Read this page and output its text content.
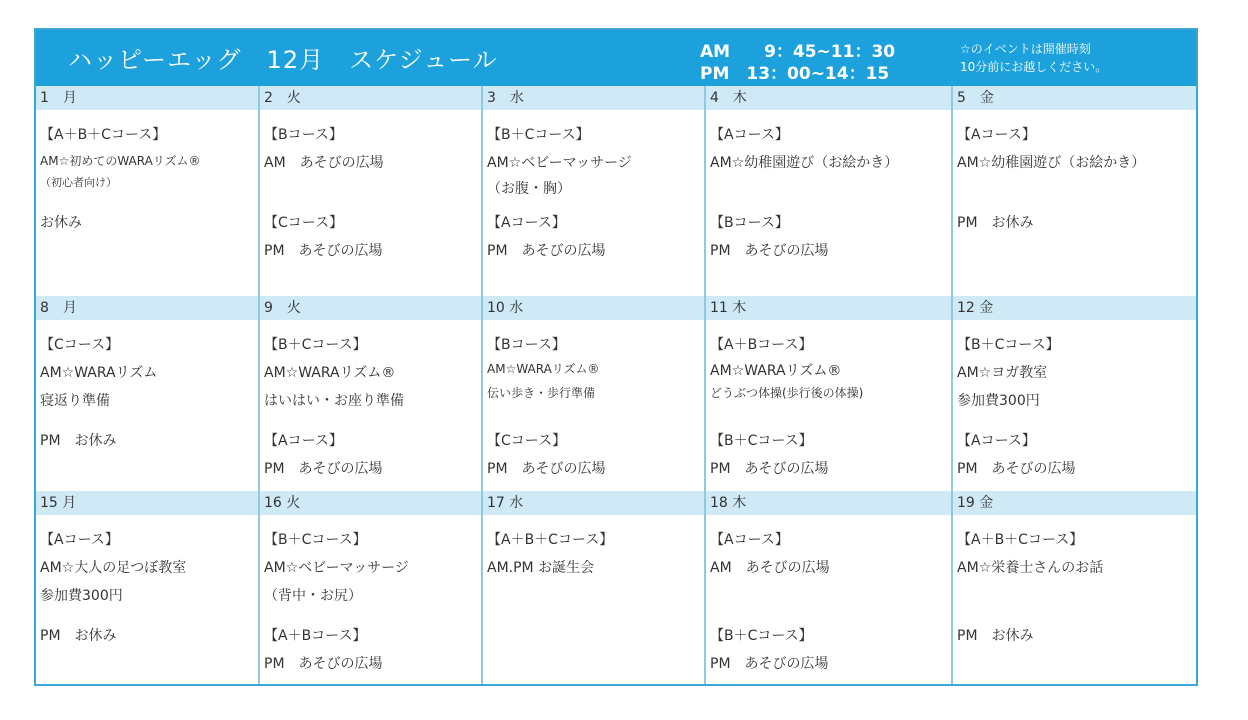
ハッピーエッグ　12月　スケジュール	AM　　9：45~11：30
PM　13：00~14：15
☆のイベントは開催時刻
10分前にお越しください。
1　月
【A＋B＋Cコース】
AM☆初めてのWARAリズム®
（初心者向け）
お休み
2　火
【Bコース】
AM　あそびの広場
【Cコース】
PM　あそびの広場
3　水
【B＋Cコース】
AM☆ベビーマッサージ
（お腹・胸）
【Aコース】
PM　あそびの広場
4　木
【Aコース】
AM☆幼稚園遊び（お絵かき）
【Bコース】
PM　あそびの広場
5　金
【Aコース】
AM☆幼稚園遊び（お絵かき）
PM　お休み
8　月
【Cコース】
AM☆WARAリズム
寝返り準備
PM　お休み
9　火
【B＋Cコース】
AM☆WARAリズム®
はいはい・お座り準備
【Aコース】
PM　あそびの広場
10 水
【Bコース】
AM☆WARAリズム®
伝い歩き・歩行準備
【Cコース】
PM　あそびの広場
11 木
【A＋Bコース】
AM☆WARAリズム®
どうぶつ体操(歩行後の体操)
【B＋Cコース】
PM　あそびの広場
12 金
【B＋Cコース】
AM☆ヨガ教室
参加費300円
【Aコース】
PM　あそびの広場
15 月
【Aコース】
AM☆大人の足つぼ教室
参加費300円
PM　お休み
16 火
【B＋Cコース】
AM☆ベビーマッサージ
（背中・お尻）
【A＋Bコース】
PM　あそびの広場
17 水
【A＋B＋Cコース】
AM.PM お誕生会
18 木
【Aコース】
AM　あそびの広場
【B＋Cコース】
PM　あそびの広場
19 金
【A＋B＋Cコース】
AM☆栄養士さんのお話
PM　お休み
